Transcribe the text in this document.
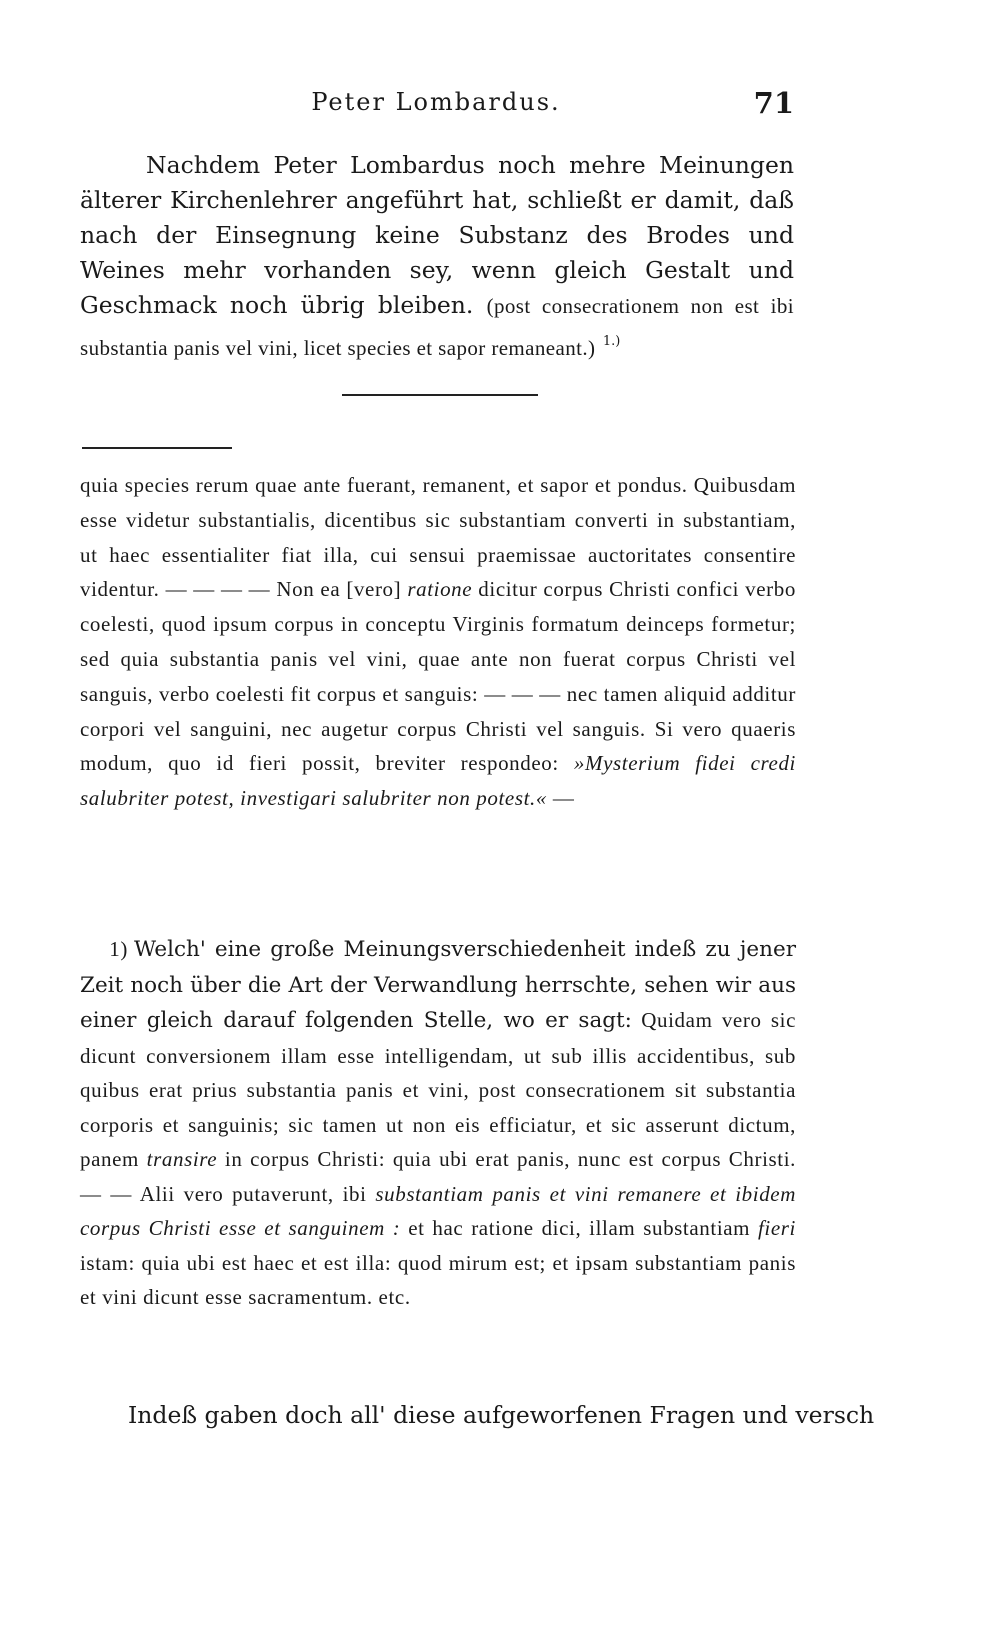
Peter Lombardus.	71
Nachdem Peter Lombardus noch mehre Meinungen älterer Kirchenlehrer angeführt hat, schließt er damit, daß nach der Einsegnung keine Substanz des Brodes und Weines mehr vorhanden sey, wenn gleich Gestalt und Geschmack noch übrig bleiben. (post consecrationem non est ibi substantia panis vel vini, licet species et sapor remaneant.) $^{1.)}$
quia species rerum quae ante fuerant, remanent, et sapor et pondus. Quibusdam esse videtur substantialis, dicentibus sic substantiam converti in substantiam, ut haec essentialiter fiat illa, cui sensui praemissae auctoritates consentire videntur. — — — — Non ea [vero] ratione dicitur corpus Christi confici verbo coelesti, quod ipsum corpus in conceptu Virginis formatum deinceps formetur; sed quia substantia panis vel vini, quae ante non fuerat corpus Christi vel sanguis, verbo coelesti fit corpus et sanguis: — — — nec tamen aliquid additur corpori vel sanguini, nec augetur corpus Christi vel sanguis. Si vero quaeris modum, quo id fieri possit, breviter respondeo: »Mysterium fidei credi salubriter potest, investigari salubriter non potest.« —
1) Welch' eine große Meinungsverschiedenheit indeß zu jener Zeit noch über die Art der Verwandlung herrschte, sehen wir aus einer gleich darauf folgenden Stelle, wo er sagt: Quidam vero sic dicunt conversionem illam esse intelligendam, ut sub illis accidentibus, sub quibus erat prius substantia panis et vini, post consecrationem sit substantia corporis et sanguinis; sic tamen ut non eis efficiatur, et sic asserunt dictum, panem transire in corpus Christi: quia ubi erat panis, nunc est corpus Christi. — — Alii vero putaverunt, ibi substantiam panis et vini remanere et ibidem corpus Christi esse et sanguinem : et hac ratione dici, illam substantiam fieri istam: quia ubi est haec et est illa: quod mirum est; et ipsam substantiam panis et vini dicunt esse sacramentum. etc.
Indeß gaben doch all' diese aufgeworfenen Fragen und versch
